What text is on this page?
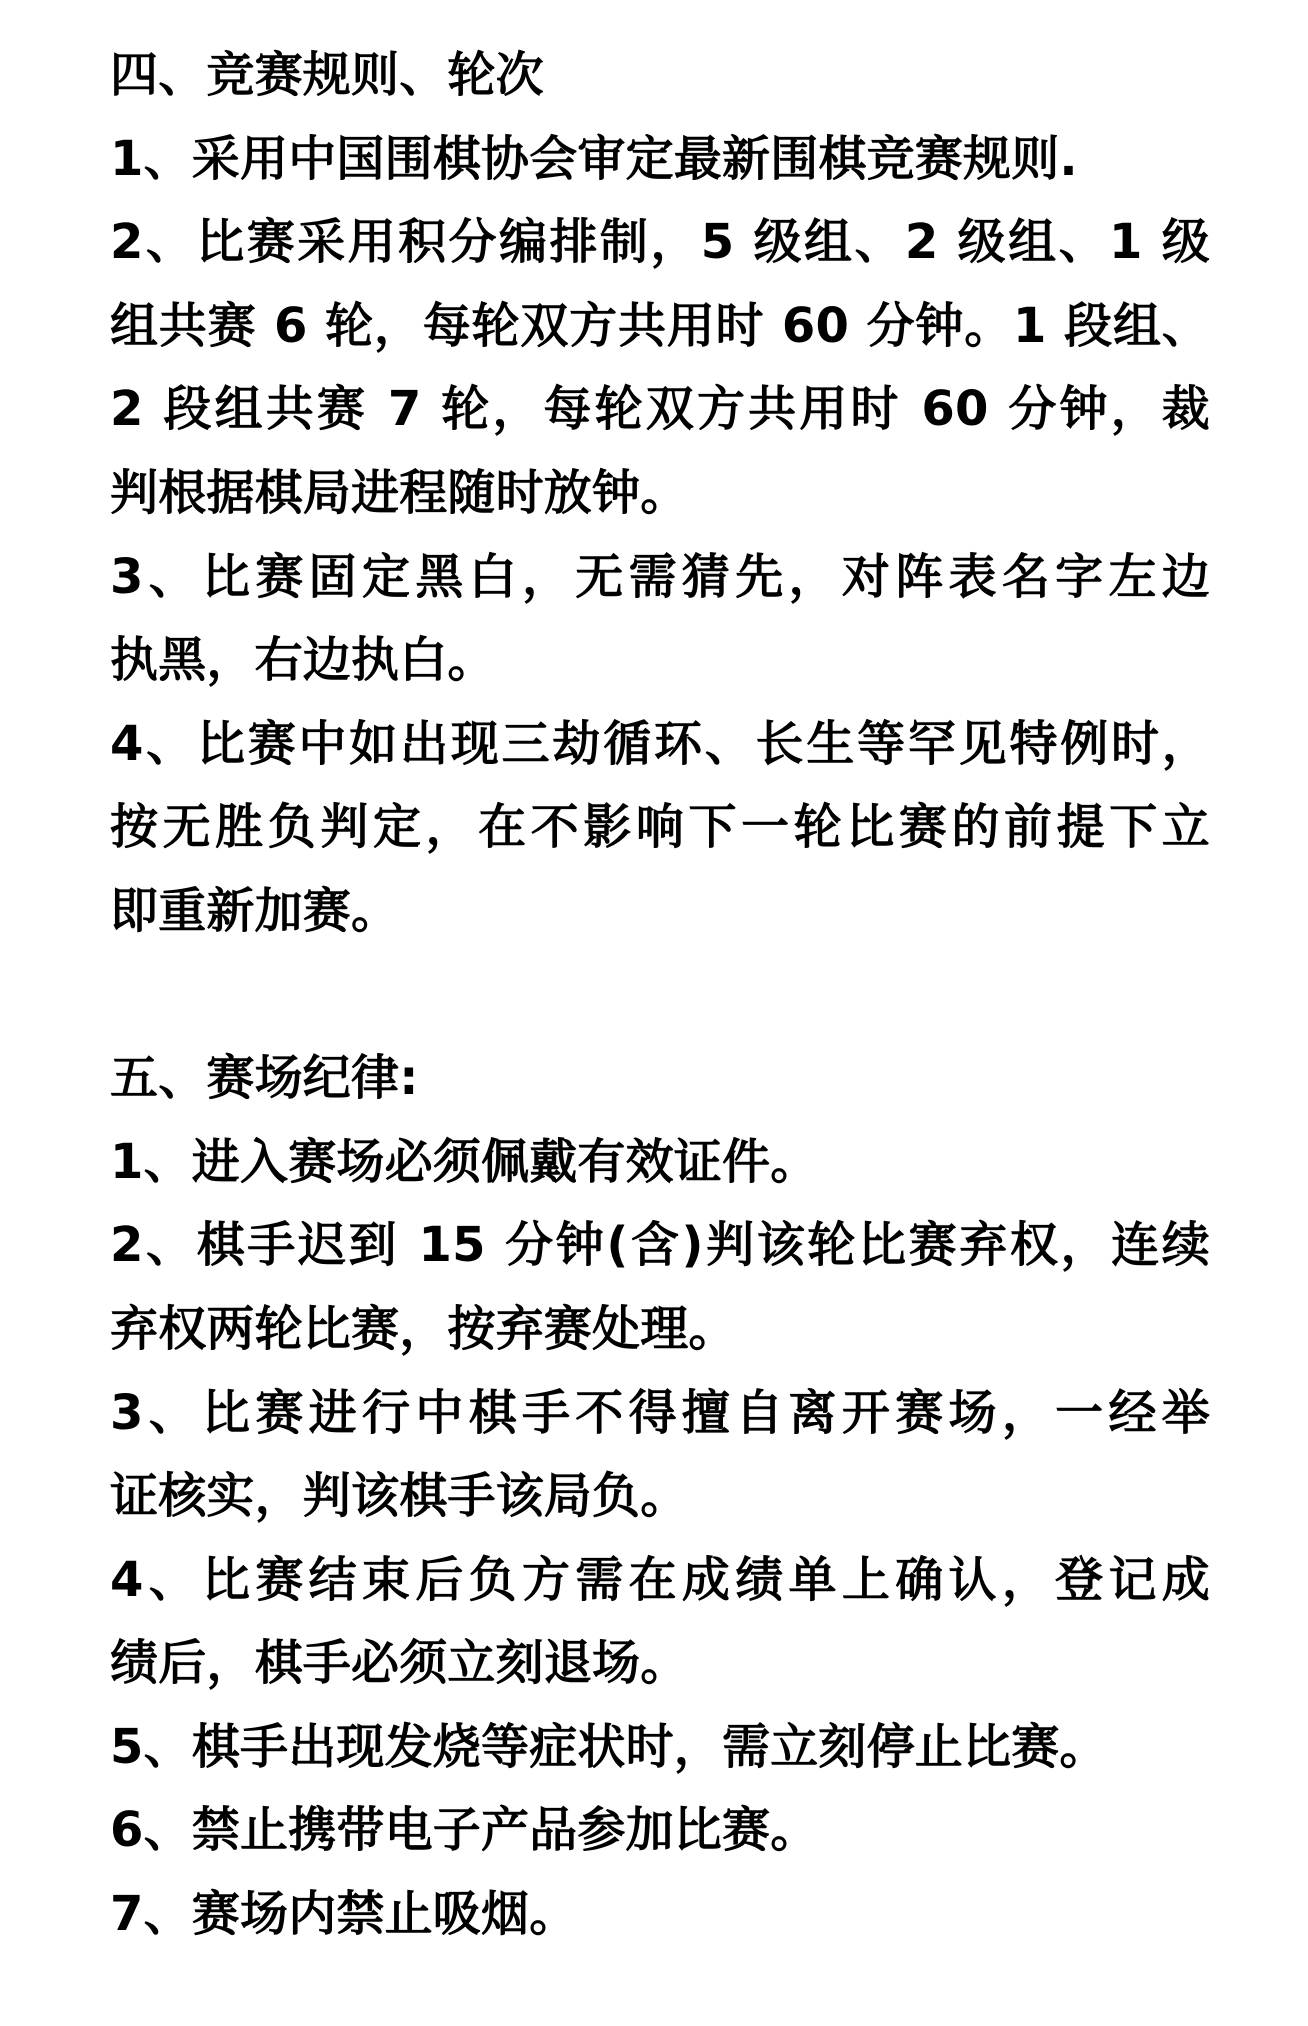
四、竞赛规则、轮次
1、采用中国围棋协会审定最新围棋竞赛规则.
2、比赛采用积分编排制，5 级组、2 级组、1 级
组共赛 6 轮，每轮双方共用时 60 分钟。1 段组、
2 段组共赛 7 轮，每轮双方共用时 60 分钟，裁
判根据棋局进程随时放钟。
3、比赛固定黑白，无需猜先，对阵表名字左边
执黑，右边执白。
4、比赛中如出现三劫循环、长生等罕见特例时，
按无胜负判定，在不影响下一轮比赛的前提下立
即重新加赛。
五、赛场纪律:
1、进入赛场必须佩戴有效证件。
2、棋手迟到 15 分钟(含)判该轮比赛弃权，连续
弃权两轮比赛，按弃赛处理。
3、比赛进行中棋手不得擅自离开赛场，一经举
证核实，判该棋手该局负。
4、比赛结束后负方需在成绩单上确认，登记成
绩后，棋手必须立刻退场。
5、棋手出现发烧等症状时，需立刻停止比赛。
6、禁止携带电子产品参加比赛。
7、赛场内禁止吸烟。
